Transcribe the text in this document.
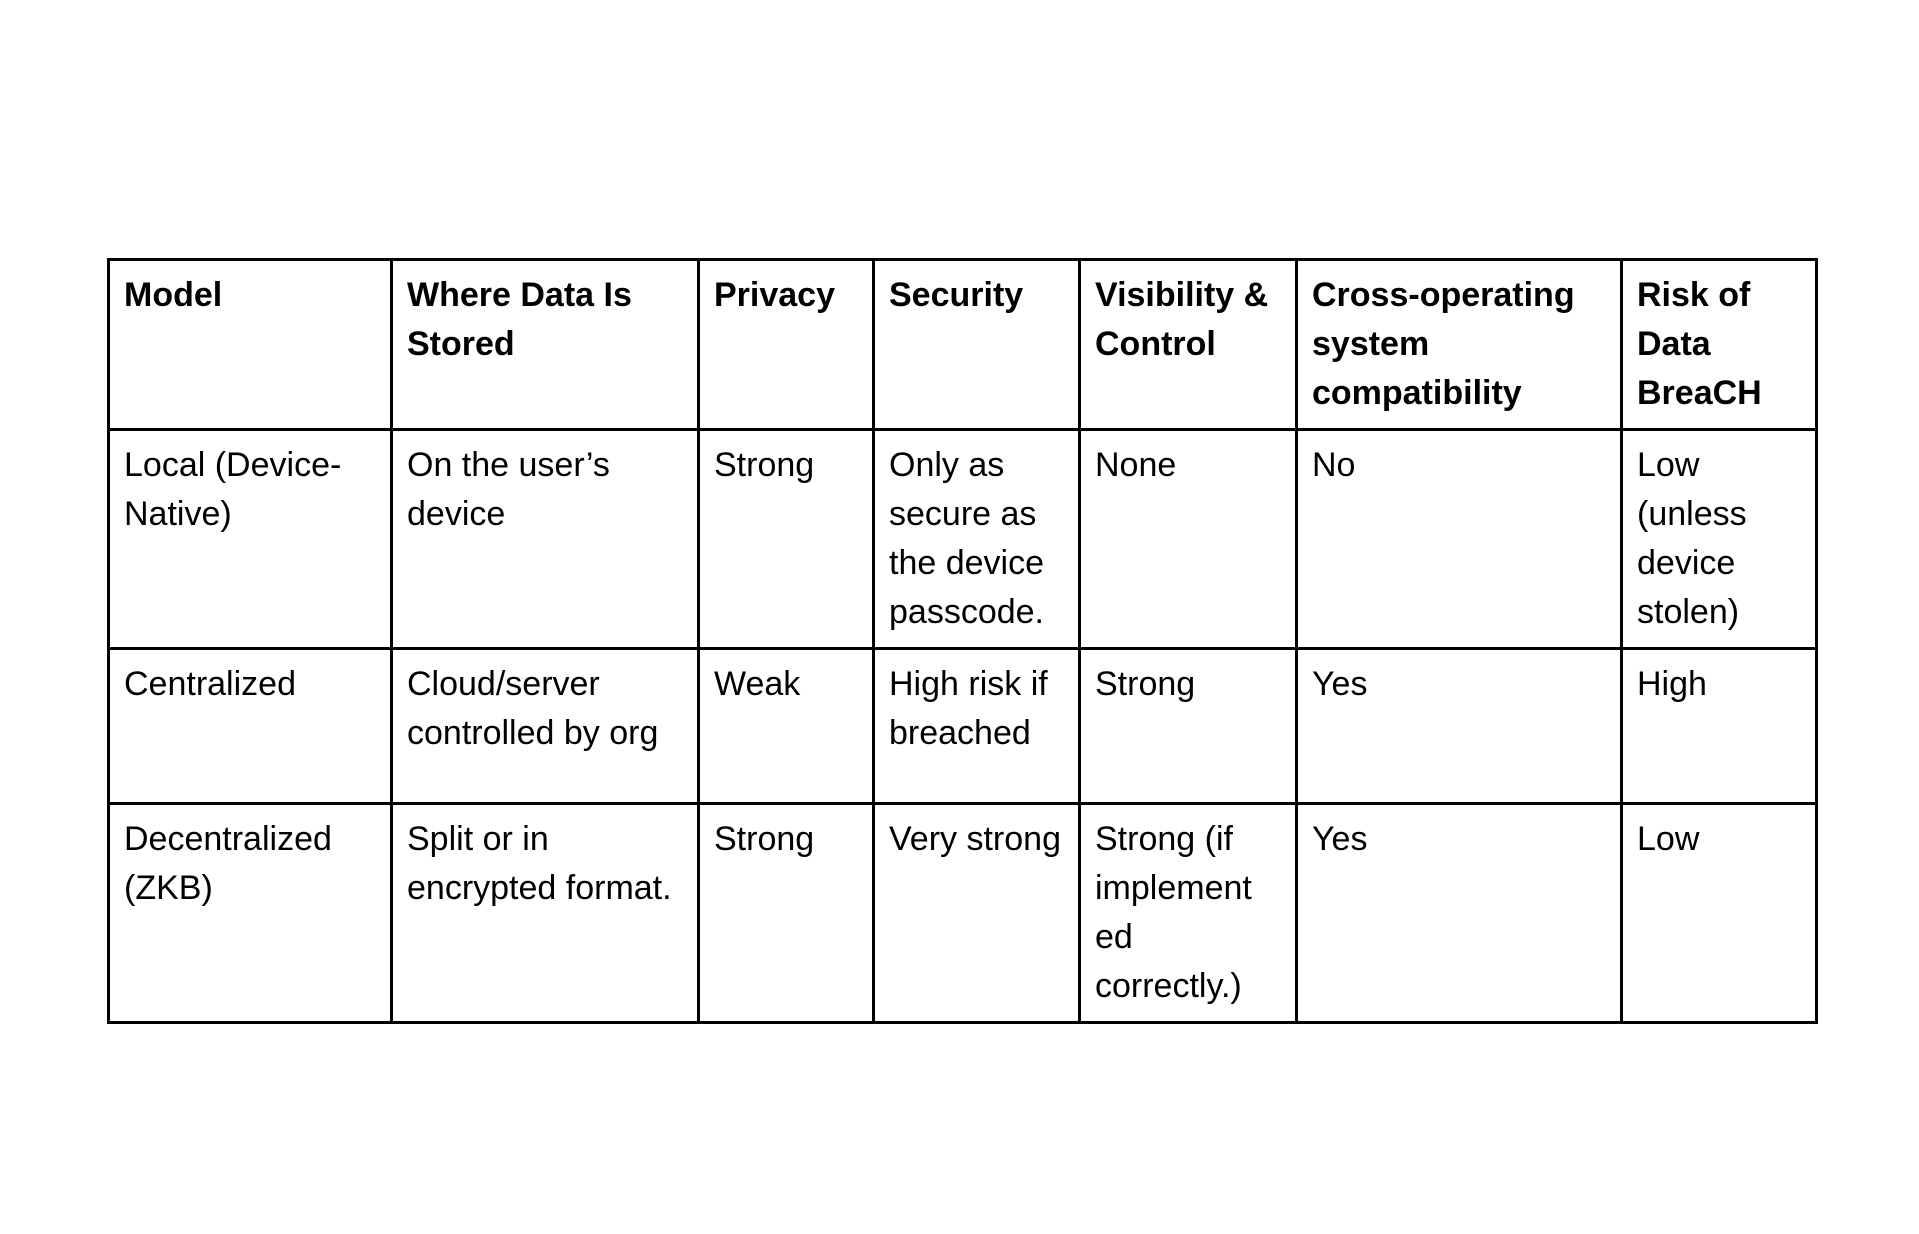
Model	Where Data Is Stored	Privacy	Security	Visibility & Control	Cross-operating system compatibility	Risk of Data BreaCH
Local (Device-Native)	On the user’s device	Strong	Only as secure as the device passcode.	None	No	Low (unless device stolen)
Centralized	Cloud/server controlled by org	Weak	High risk if breached	Strong	Yes	High
Decentralized (ZKB)	Split or in encrypted format.	Strong	Very strong	Strong (if implement ed correctly.)	Yes	Low
